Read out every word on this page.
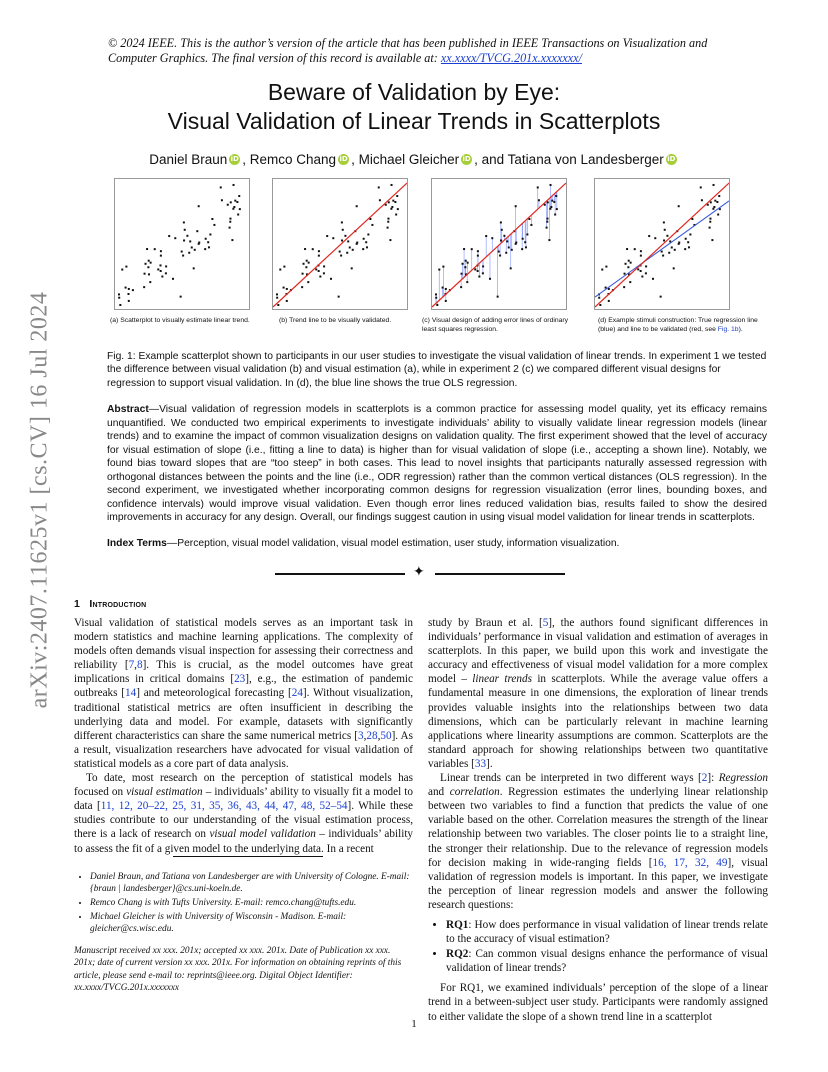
© 2024 IEEE. This is the author’s version of the article that has been published in IEEE Transactions on Visualization and Computer Graphics. The final version of this record is available at: xx.xxxx/TVCG.201x.xxxxxxx/
Beware of Validation by Eye:
Visual Validation of Linear Trends in Scatterplots
Daniel Braun iD , Remco Chang iD , Michael Gleicher iD , and Tatiana von Landesberger iD
(a) Scatterplot to visually estimate linear trend.	(b) Trend line to be visually validated.	(c) Visual design of adding error lines of ordinary least squares regression.
(d) Example stimuli construction: True regression line (blue) and line to be validated (red, see Fig. 1b).
Fig. 1: Example scatterplot shown to participants in our user studies to investigate the visual validation of linear trends. In experiment 1 we tested the difference between visual validation (b) and visual estimation (a), while in experiment 2 (c) we compared different visual designs for regression to support visual validation. In (d), the blue line shows the true OLS regression.
Abstract—Visual validation of regression models in scatterplots is a common practice for assessing model quality, yet its efficacy remains unquantified. We conducted two empirical experiments to investigate individuals’ ability to visually validate linear regression models (linear trends) and to examine the impact of common visualization designs on validation quality. The first experiment showed that the level of accuracy for visual estimation of slope (i.e., fitting a line to data) is higher than for visual validation of slope (i.e., accepting a shown line). Notably, we found bias toward slopes that are “too steep” in both cases. This lead to novel insights that participants naturally assessed regression with orthogonal distances between the points and the line (i.e., ODR regression) rather than the common vertical distances (OLS regression). In the second experiment, we investigated whether incorporating common designs for regression visualization (error lines, bounding boxes, and confidence intervals) would improve visual validation. Even though error lines reduced validation bias, results failed to show the desired improvements in accuracy for any design. Overall, our findings suggest caution in using visual model validation for linear trends in scatterplots.
Index Terms—Perception, visual model validation, visual model estimation, user study, information visualization.
✦
1 Introduction

Visual validation of statistical models serves as an important task in modern statistics and machine learning applications. The complexity of models often demands visual inspection for assessing their correctness and reliability [7,8]. This is crucial, as the model outcomes have great implications in critical domains [23], e.g., the estimation of pandemic outbreaks [14] and meteorological forecasting [24]. Without visualization, traditional statistical metrics are often insufficient in describing the underlying data and model. For example, datasets with significantly different characteristics can share the same numerical metrics [3,28,50]. As a result, visualization researchers have advocated for visual validation of statistical models as a core part of data analysis.

To date, most research on the perception of statistical models has focused on visual estimation – individuals’ ability to visually fit a model to data [11, 12, 20–22, 25, 31, 35, 36, 43, 44, 47, 48, 52–54]. While these studies contribute to our understanding of the visual estimation process, there is a lack of research on visual model validation – individuals’ ability to assess the fit of a given model to the underlying data. In a recent

• Daniel Braun, and Tatiana von Landesberger are with University of Cologne. E-mail: {braun | landesberger}@cs.uni-koeln.de.
• Remco Chang is with Tufts University. E-mail: remco.chang@tufts.edu.
• Michael Gleicher is with University of Wisconsin - Madison. E-mail: gleicher@cs.wisc.edu.
Manuscript received xx xxx. 201x; accepted xx xxx. 201x. Date of Publication xx xxx. 201x; date of current version xx xxx. 201x. For information on obtaining reprints of this article, please send e-mail to: reprints@ieee.org. Digital Object Identifier: xx.xxxx/TVCG.201x.xxxxxxx

study by Braun et al. [5], the authors found significant differences in individuals’ performance in visual validation and estimation of averages in scatterplots. In this paper, we build upon this work and investigate the accuracy and effectiveness of visual model validation for a more complex model – linear trends in scatterplots. While the average value offers a fundamental measure in one dimensions, the exploration of linear trends provides valuable insights into the relationships between two data dimensions, which can be particularly relevant in machine learning applications where linearity assumptions are common. Scatterplots are the standard approach for showing relationships between two quantitative variables [33].

Linear trends can be interpreted in two different ways [2]: Regression and correlation. Regression estimates the underlying linear relationship between two variables to find a function that predicts the value of one variable based on the other. Correlation measures the strength of the linear relationship between two variables. The closer points lie to a straight line, the stronger their relationship. Due to the relevance of regression models for decision making in wide-ranging fields [16, 17, 32, 49], visual validation of regression models is important. In this paper, we investigate the perception of linear regression models and answer the following research questions:

• RQ1: How does performance in visual validation of linear trends relate to the accuracy of visual estimation?
• RQ2: Can common visual designs enhance the performance of visual validation of linear trends?

For RQ1, we examined individuals’ perception of the slope of a linear trend in a between-subject user study. Participants were randomly assigned to either validate the slope of a shown trend line in a scatterplot

1
arXiv:2407.11625v1 [cs.CV] 16 Jul 2024
